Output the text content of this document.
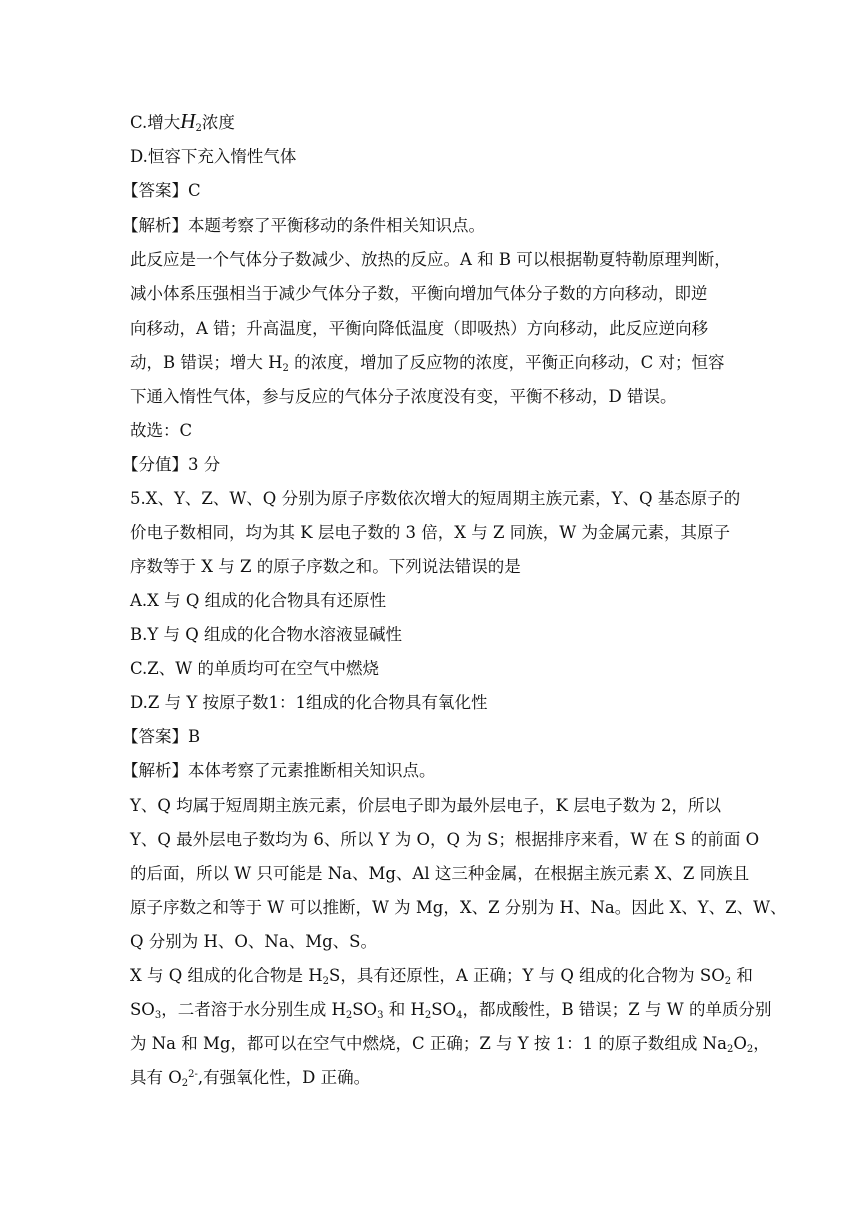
C.增大$H_2$浓度
D.恒容下充入惰性气体
【答案】C
【解析】本题考察了平衡移动的条件相关知识点。
此反应是一个气体分子数减少、放热的反应。A 和 B 可以根据勒夏特勒原理判断，
减小体系压强相当于减少气体分子数，平衡向增加气体分子数的方向移动，即逆
向移动，A 错；升高温度，平衡向降低温度（即吸热）方向移动，此反应逆向移
动，B 错误；增大 $H_2$ 的浓度，增加了反应物的浓度，平衡正向移动，C 对；恒容
下通入惰性气体，参与反应的气体分子浓度没有变，平衡不移动，D 错误。
故选：C
【分值】3 分
5.X、Y、Z、W、Q 分别为原子序数依次增大的短周期主族元素，Y、Q 基态原子的
价电子数相同，均为其 K 层电子数的 3 倍，X 与 Z 同族，W 为金属元素，其原子
序数等于 X 与 Z 的原子序数之和。下列说法错误的是
A.X 与 Q 组成的化合物具有还原性
B.Y 与 Q 组成的化合物水溶液显碱性
C.Z、W 的单质均可在空气中燃烧
D.Z 与 Y 按原子数1：1组成的化合物具有氧化性
【答案】B
【解析】本体考察了元素推断相关知识点。
Y、Q 均属于短周期主族元素，价层电子即为最外层电子，K 层电子数为 2，所以
Y、Q 最外层电子数均为 6、所以 Y 为 O，Q 为 S；根据排序来看，W 在 S 的前面 O
的后面，所以 W 只可能是 Na、Mg、Al 这三种金属，在根据主族元素 X、Z 同族且
原子序数之和等于 W 可以推断，W 为 Mg，X、Z 分别为 H、Na。因此 X、Y、Z、W、
Q 分别为 H、O、Na、Mg、S。
X 与 Q 组成的化合物是 $H_2S$，具有还原性，A 正确；Y 与 Q 组成的化合物为 $SO_2$ 和
$SO_3$，二者溶于水分别生成 $H_2SO_3$ 和 $H_2SO_4$，都成酸性，B 错误；Z 与 W 的单质分别
为 Na 和 Mg，都可以在空气中燃烧，C 正确；Z 与 Y 按 1：1 的原子数组成 $Na_2O_2$，
具有 $O_2^{2-}$,有强氧化性，D 正确。
